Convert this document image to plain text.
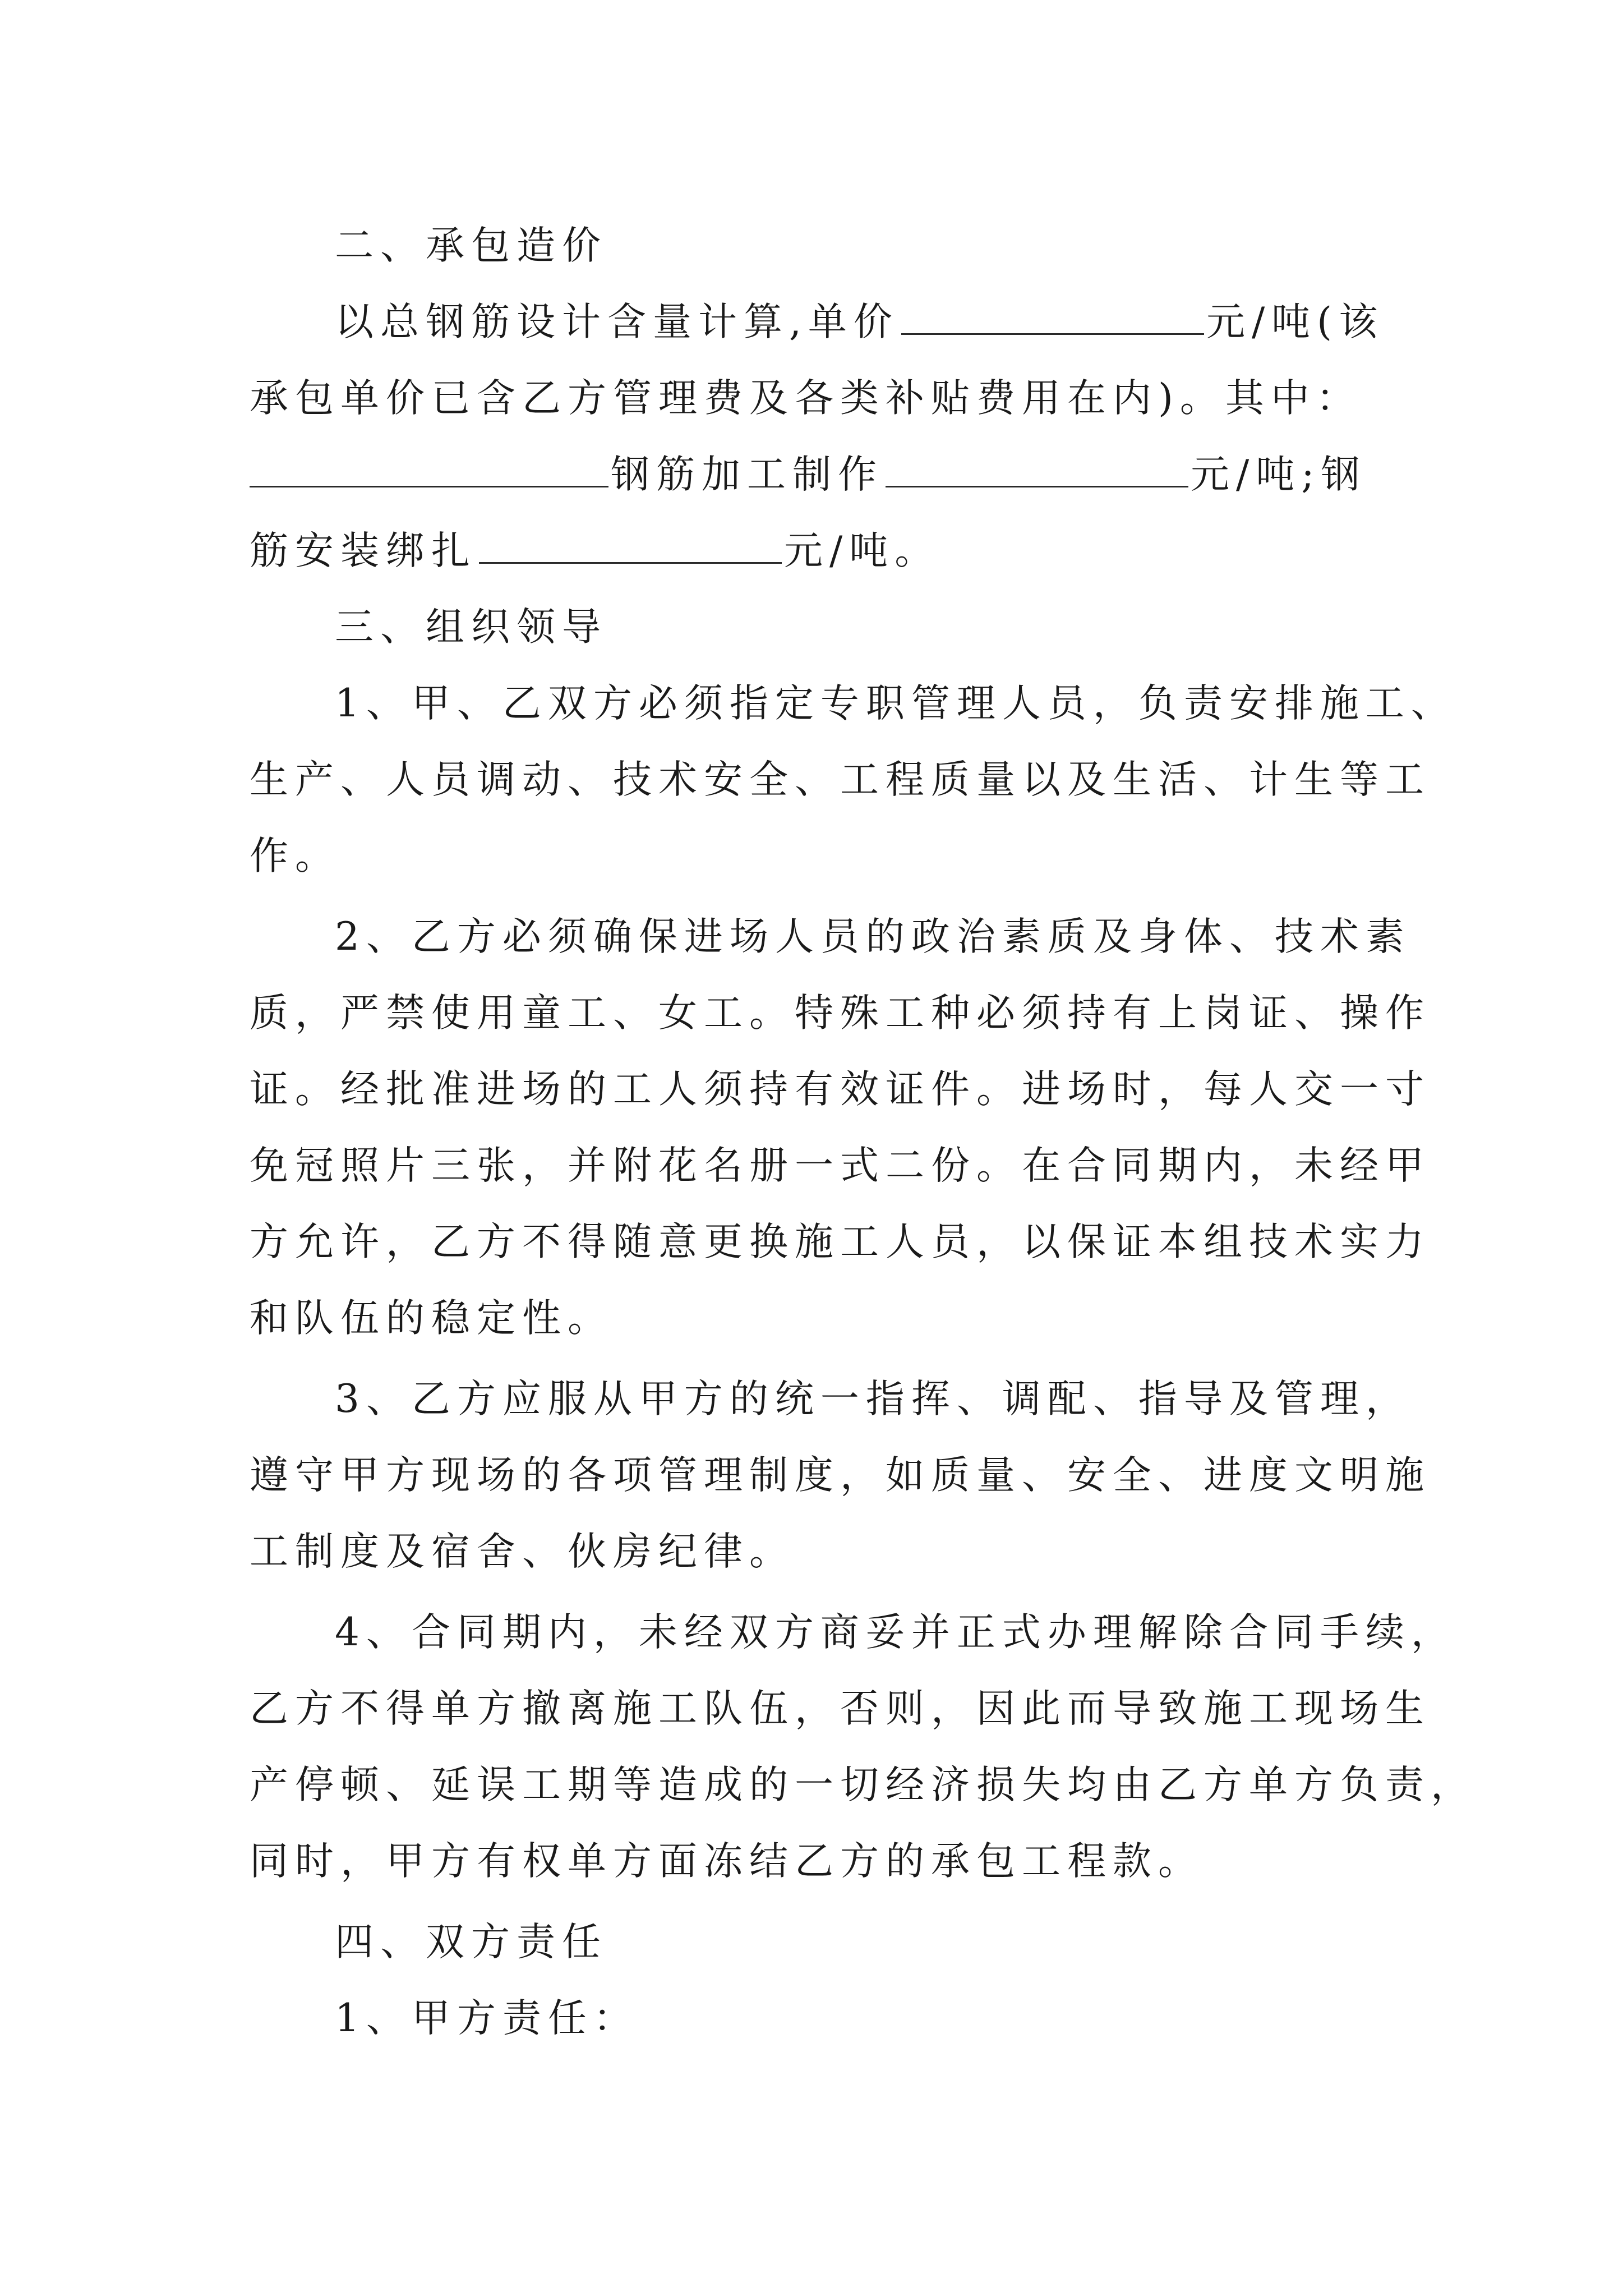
二、承包造价
以总钢筋设计含量计算,单价	元/吨(该
承包单价已含乙方管理费及各类补贴费用在内)。其中：
钢筋加工制作	元/吨;钢
筋安装绑扎	元/吨。
三、组织领导
1、甲、乙双方必须指定专职管理人员，负责安排施工、
生产、人员调动、技术安全、工程质量以及生活、计生等工
作。
2、乙方必须确保进场人员的政治素质及身体、技术素
质，严禁使用童工、女工。特殊工种必须持有上岗证、操作
证。经批准进场的工人须持有效证件。进场时，每人交一寸
免冠照片三张，并附花名册一式二份。在合同期内，未经甲
方允许，乙方不得随意更换施工人员，以保证本组技术实力
和队伍的稳定性。
3、乙方应服从甲方的统一指挥、调配、指导及管理，
遵守甲方现场的各项管理制度，如质量、安全、进度文明施
工制度及宿舍、伙房纪律。
4、合同期内，未经双方商妥并正式办理解除合同手续，
乙方不得单方撤离施工队伍，否则，因此而导致施工现场生
产停顿、延误工期等造成的一切经济损失均由乙方单方负责，
同时，甲方有权单方面冻结乙方的承包工程款。
四、双方责任
1、甲方责任：
